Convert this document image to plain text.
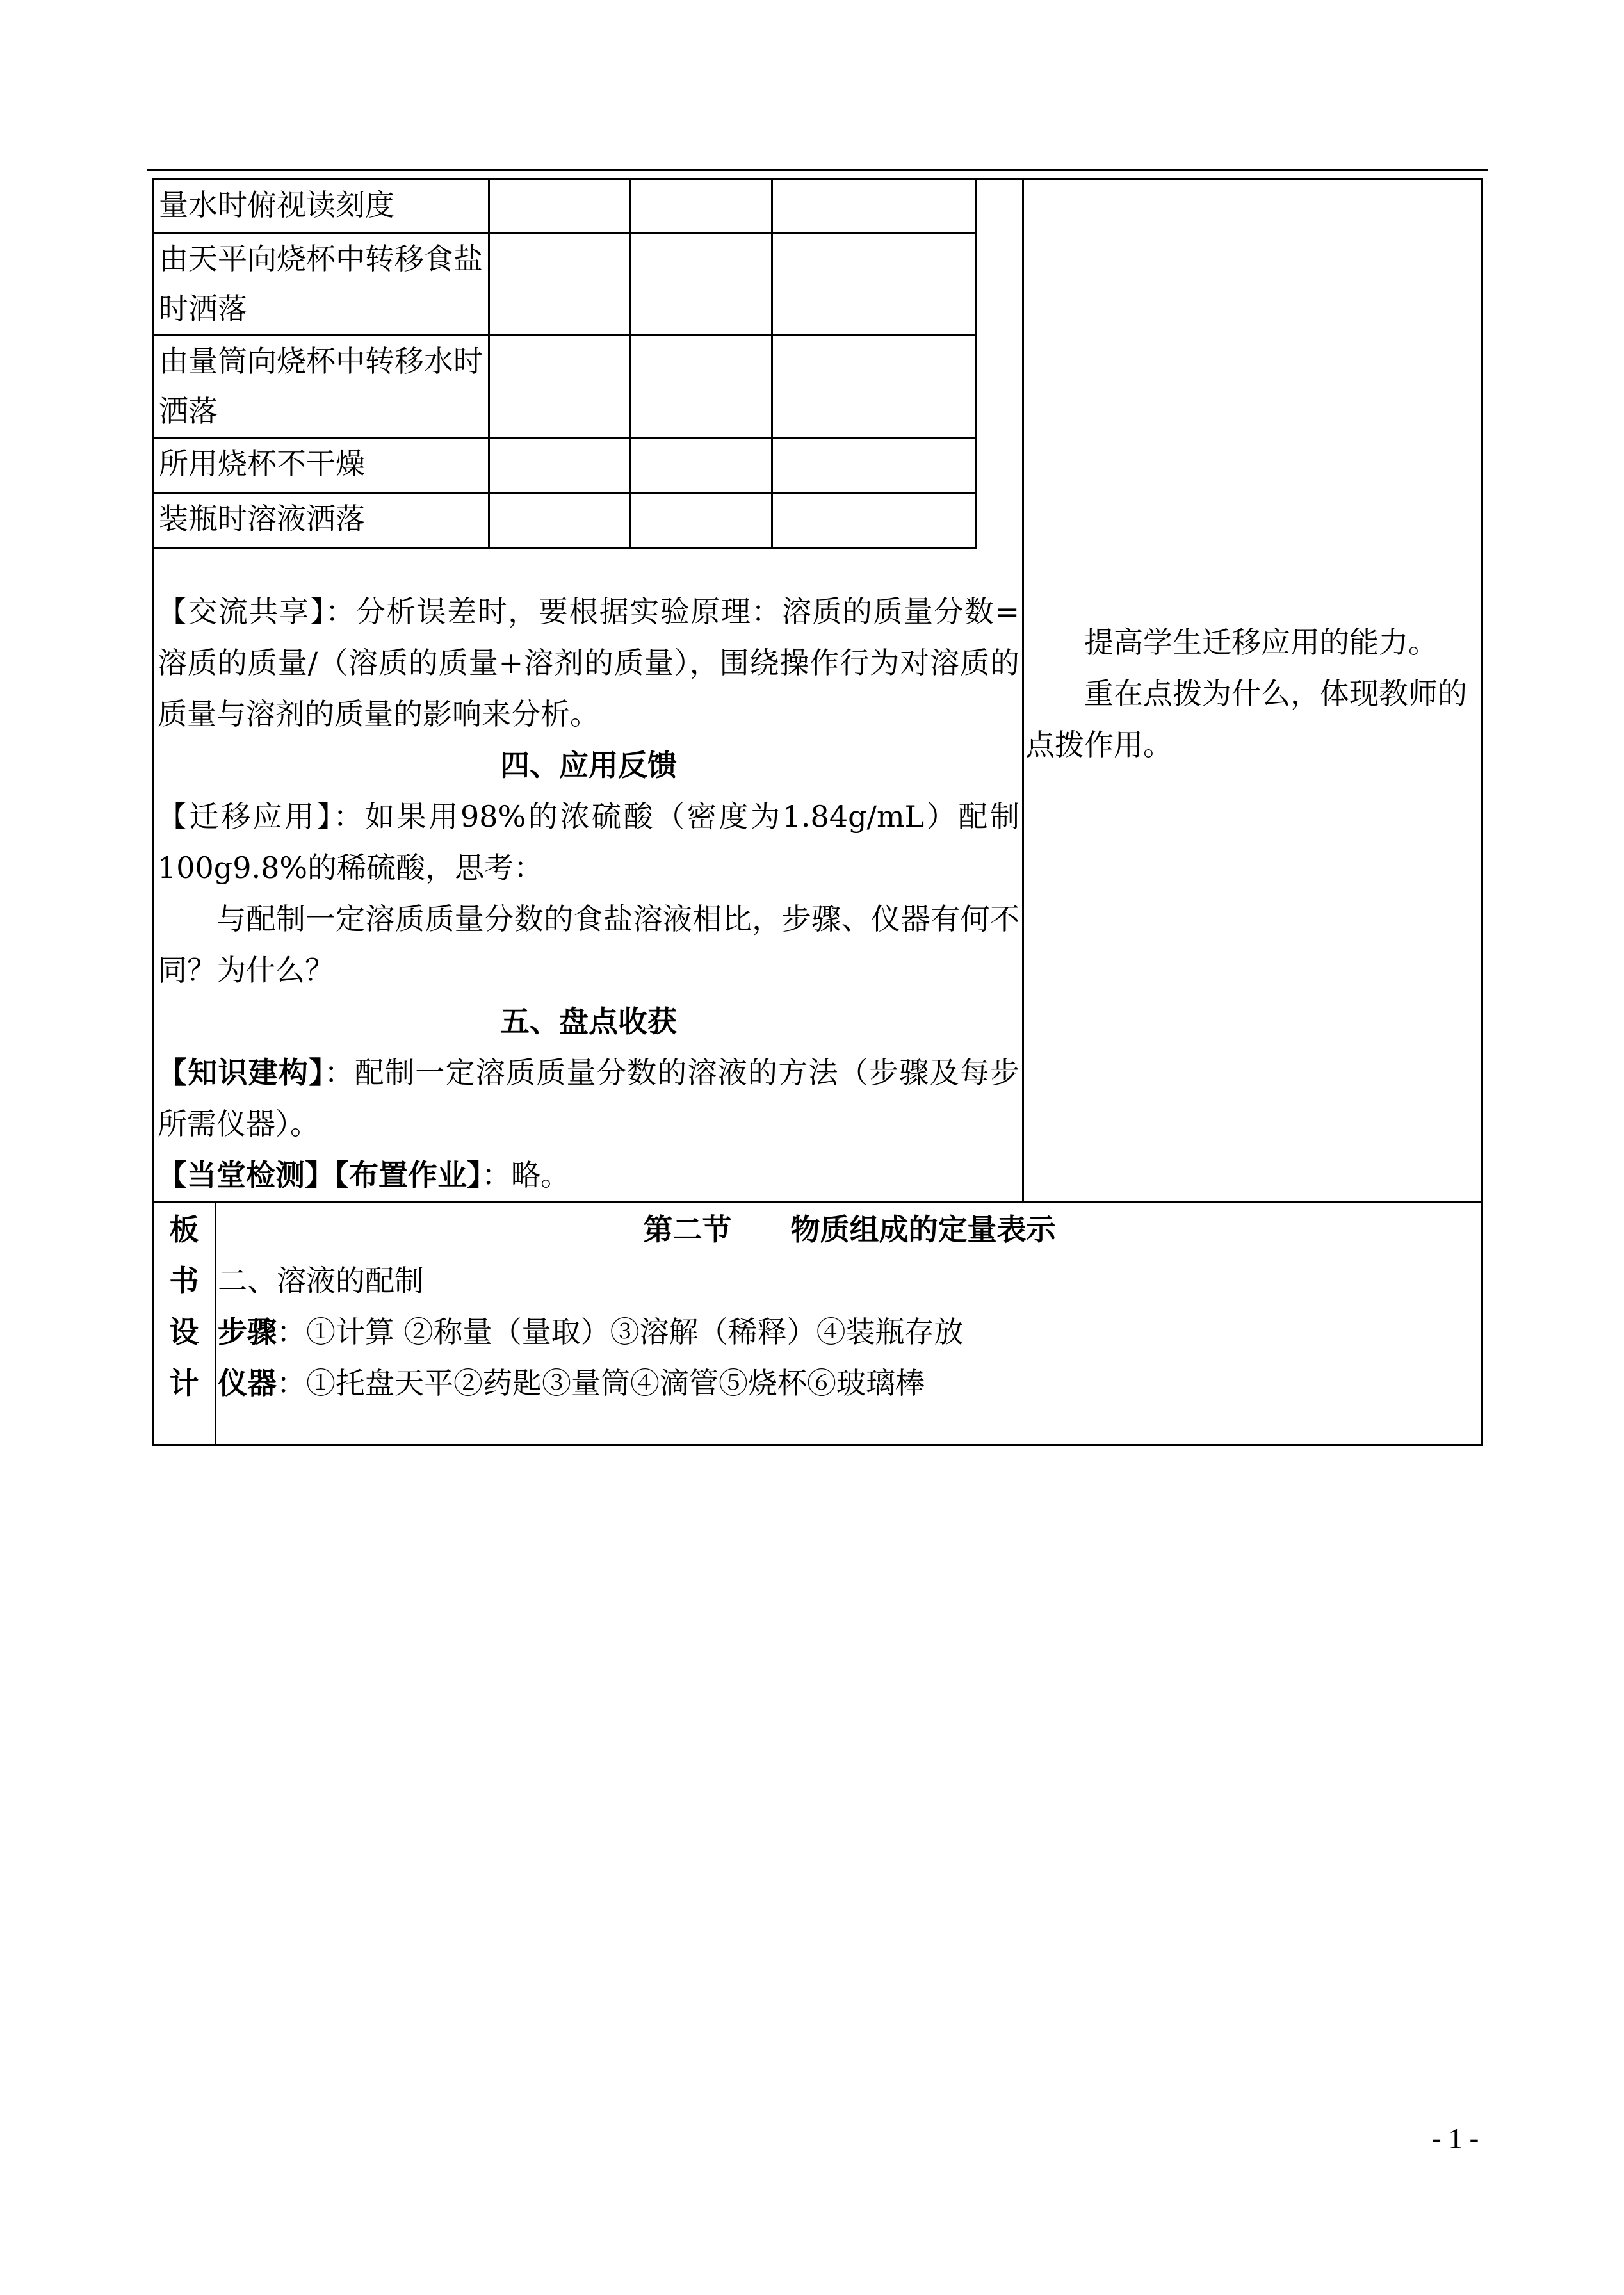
量水时俯视读刻度			
由天平向烧杯中转移食盐时洒落			
由量筒向烧杯中转移水时洒落			
所用烧杯不干燥			
装瓶时溶液洒落			

【交流共享】：分析误差时，要根据实验原理：溶质的质量分数=溶质的质量/（溶质的质量+溶剂的质量），围绕操作行为对溶质的质量与溶剂的质量的影响来分析。

四、应用反馈

【迁移应用】：如果用98%的浓硫酸（密度为1.84g/mL）配制100g9.8%的稀硫酸，思考：

与配制一定溶质质量分数的食盐溶液相比，步骤、仪器有何不同？为什么？

五、盘点收获

【知识建构】：配制一定溶质质量分数的溶液的方法（步骤及每步所需仪器）。

【当堂检测】【布置作业】：略。

提高学生迁移应用的能力。

重在点拨为什么，体现教师的点拨作用。

板
书
设
计

第二节　　物质组成的定量表示
二、溶液的配制
步骤：①计算 ②称量（量取）③溶解（稀释）④装瓶存放
仪器：①托盘天平②药匙③量筒④滴管⑤烧杯⑥玻璃棒
- 1 -
